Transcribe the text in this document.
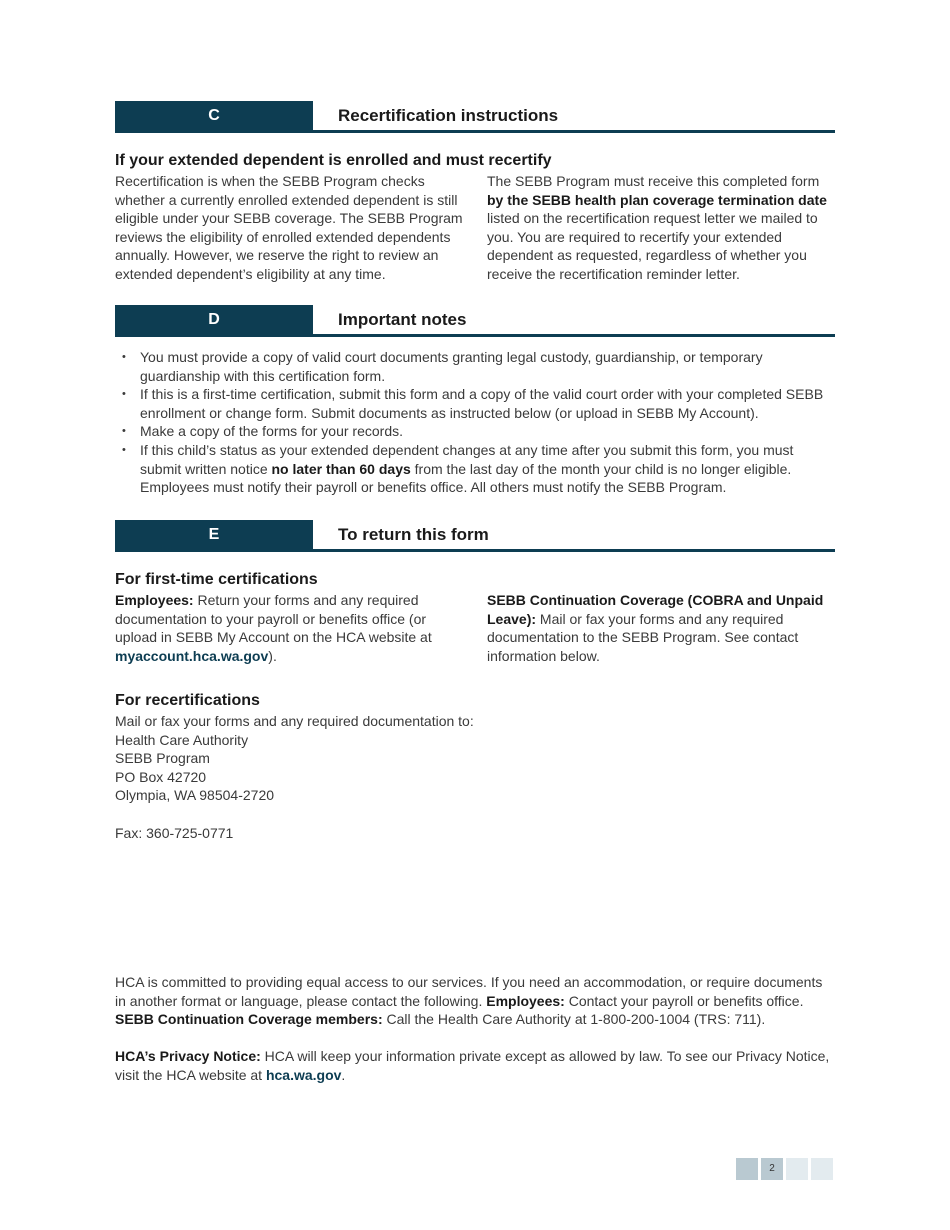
C	Recertification instructions
If your extended dependent is enrolled and must recertify

Recertification is when the SEBB Program checks whether a currently enrolled extended dependent is still eligible under your SEBB coverage. The SEBB Program reviews the eligibility of enrolled extended dependents annually. However, we reserve the right to review an extended dependent’s eligibility at any time.

The SEBB Program must receive this completed form by the SEBB health plan coverage termination date listed on the recertification request letter we mailed to you. You are required to recertify your extended dependent as requested, regardless of whether you receive the recertification reminder letter.

D	Important notes
• You must provide a copy of valid court documents granting legal custody, guardianship, or temporary guardianship with this certification form.
• If this is a first-time certification, submit this form and a copy of the valid court order with your completed SEBB enrollment or change form. Submit documents as instructed below (or upload in SEBB My Account).
• Make a copy of the forms for your records.
• If this child’s status as your extended dependent changes at any time after you submit this form, you must submit written notice no later than 60 days from the last day of the month your child is no longer eligible. Employees must notify their payroll or benefits office. All others must notify the SEBB Program.
E	To return this form
For first-time certifications

Employees: Return your forms and any required documentation to your payroll or benefits office (or upload in SEBB My Account on the HCA website at myaccount.hca.wa.gov).

SEBB Continuation Coverage (COBRA and Unpaid Leave): Mail or fax your forms and any required documentation to the SEBB Program. See contact information below.

For recertifications
Mail or fax your forms and any required documentation to:
Health Care Authority
SEBB Program
PO Box 42720
Olympia, WA 98504-2720
Fax: 360-725-0771

HCA is committed to providing equal access to our services. If you need an accommodation, or require documents in another format or language, please contact the following. Employees: Contact your payroll or benefits office. SEBB Continuation Coverage members: Call the Health Care Authority at 1-800-200-1004 (TRS: 711).

HCA’s Privacy Notice: HCA will keep your information private except as allowed by law. To see our Privacy Notice, visit the HCA website at hca.wa.gov.

2
